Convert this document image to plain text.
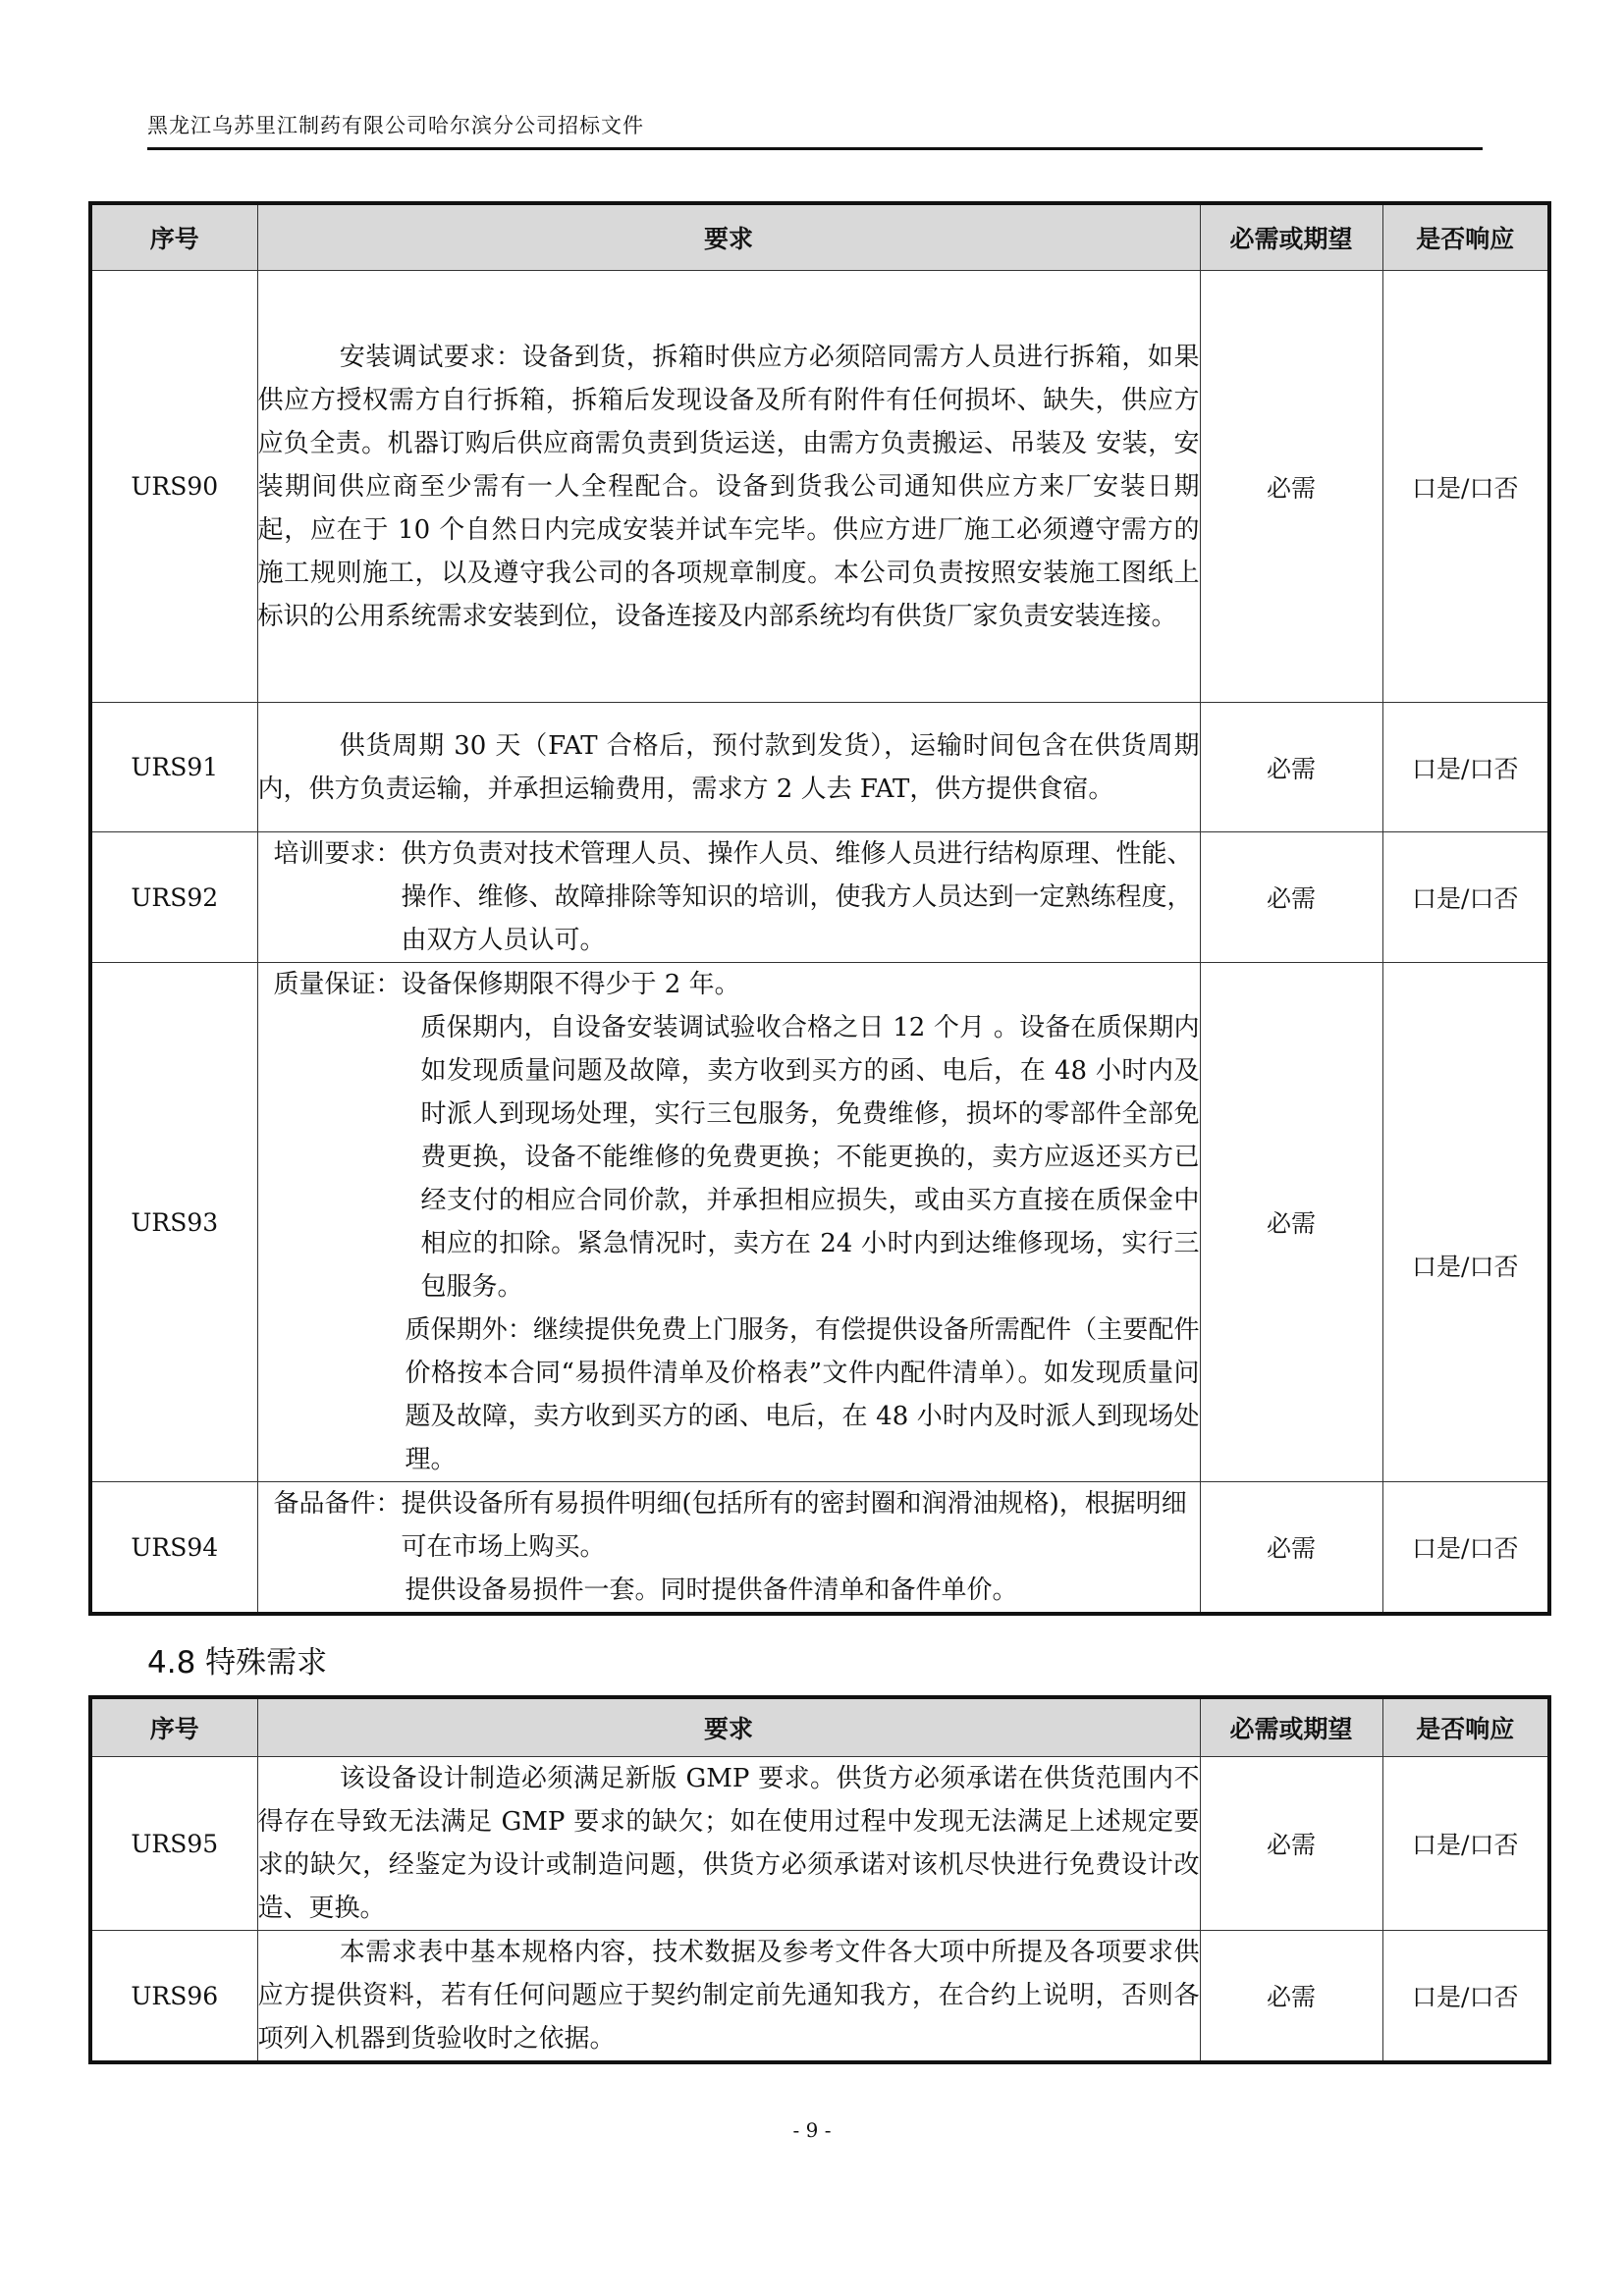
黑龙江乌苏里江制药有限公司哈尔滨分公司招标文件
序号	要求	必需或期望	是否响应
URS90	安装调试要求：设备到货，拆箱时供应方必须陪同需方人员进行拆箱，如果供应方授权需方自行拆箱，拆箱后发现设备及所有附件有任何损坏、缺失，供应方应负全责。机器订购后供应商需负责到货运送，由需方负责搬运、吊装及 安装，安装期间供应商至少需有一人全程配合。设备到货我公司通知供应方来厂安装日期起，应在于 10 个自然日内完成安装并试车完毕。供应方进厂施工必须遵守需方的施工规则施工，以及遵守我公司的各项规章制度。本公司负责按照安装施工图纸上标识的公用系统需求安装到位，设备连接及内部系统均有供货厂家负责安装连接。	必需	口是/口否
URS91	供货周期 30 天（FAT 合格后，预付款到发货），运输时间包含在供货周期内，供方负责运输，并承担运输费用，需求方 2 人去 FAT，供方提供食宿。	必需	口是/口否
URS92	培训要求： 供方负责对技术管理人员、操作人员、维修人员进行结构原理、性能、操作、维修、故障排除等知识的培训，使我方人员达到一定熟练程度，由双方人员认可。	必需	口是/口否
URS93	质量保证： 设备保修期限不得少于 2 年。

质保期内，自设备安装调试验收合格之日 12 个月 。设备在质保期内如发现质量问题及故障，卖方收到买方的函、电后，在 48 小时内及时派人到现场处理，实行三包服务，免费维修，损坏的零部件全部免费更换，设备不能维修的免费更换；不能更换的，卖方应返还买方已经支付的相应合同价款，并承担相应损失，或由买方直接在质保金中相应的扣除。紧急情况时，卖方在 24 小时内到达维修现场，实行三包服务。

质保期外：继续提供免费上门服务，有偿提供设备所需配件（主要配件价格按本合同“易损件清单及价格表”文件内配件清单）。如发现质量问题及故障，卖方收到买方的函、电后，在 48 小时内及时派人到现场处理。	必需	口是/口否
URS94	备品备件： 提供设备所有易损件明细(包括所有的密封圈和润滑油规格)，根据明细可在市场上购买。

提供设备易损件一套。同时提供备件清单和备件单价。	必需	口是/口否
4.8 特殊需求
序号	要求	必需或期望	是否响应
URS95	该设备设计制造必须满足新版 GMP 要求。供货方必须承诺在供货范围内不得存在导致无法满足 GMP 要求的缺欠；如在使用过程中发现无法满足上述规定要求的缺欠，经鉴定为设计或制造问题，供货方必须承诺对该机尽快进行免费设计改造、更换。	必需	口是/口否
URS96	本需求表中基本规格内容，技术数据及参考文件各大项中所提及各项要求供应方提供资料，若有任何问题应于契约制定前先通知我方，在合约上说明，否则各项列入机器到货验收时之依据。	必需	口是/口否
- 9 -
